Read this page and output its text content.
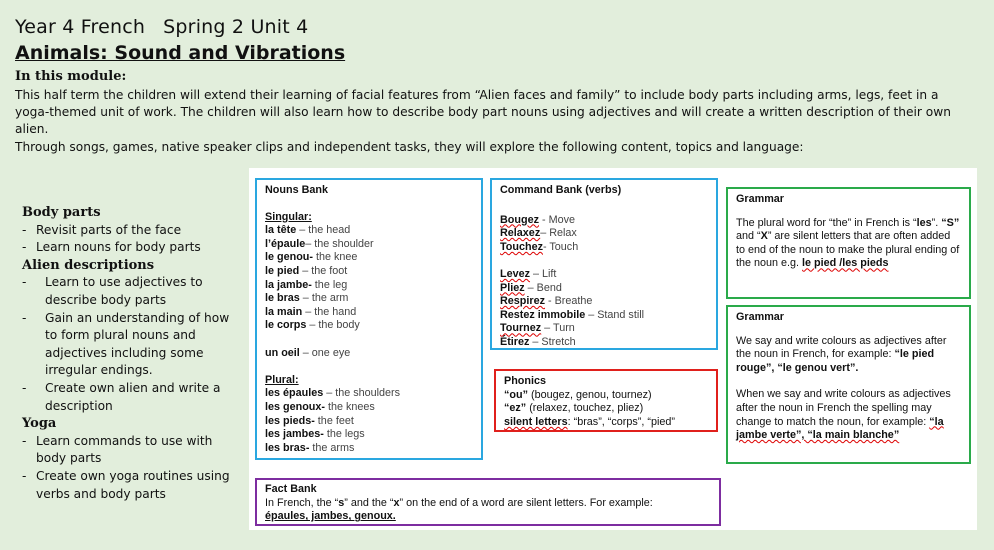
Year 4 French Spring 2 Unit 4
Animals: Sound and Vibrations
In this module:
This half term the children will extend their learning of facial features from “Alien faces and family” to include body parts including arms, legs, feet in a yoga-themed unit of work. The children will also learn how to describe body part nouns using adjectives and will create a written description of their own alien.
Through songs, games, native speaker clips and independent tasks, they will explore the following content, topics and language:
Body parts
- Revisit parts of the face
- Learn nouns for body parts
Alien descriptions
- Learn to use adjectives to describe body parts
- Gain an understanding of how to form plural nouns and adjectives including some irregular endings.
- Create own alien and write a description
Yoga
- Learn commands to use with body parts
- Create own yoga routines using verbs and body parts
Nouns Bank
Singular:
la tête – the head
l’épaule– the shoulder
le genou- the knee
le pied – the foot
la jambe- the leg
le bras – the arm
la main – the hand
le corps – the body
un oeil – one eye
Plural:
les épaules – the shoulders
les genoux- the knees
les pieds- the feet
les jambes- the legs
les bras- the arms
Command Bank (verbs)
Bougez - Move
Relaxez– Relax
Touchez- Touch
Levez – Lift
Pliez – Bend
Respirez - Breathe
Restez immobile – Stand still
Tournez – Turn
Étirez – Stretch
Phonics
“ou” (bougez, genou, tournez)
“ez” (relaxez, touchez, pliez)
silent letters: “bras”, “corps”, “pied”
Grammar
The plural word for “the” in French is “les”. “S” and “X” are silent letters that are often added to end of the noun to make the plural ending of the noun e.g. le pied /les pieds
Grammar
We say and write colours as adjectives after the noun in French, for example: “le pied rouge”, “le genou vert”.
When we say and write colours as adjectives after the noun in French the spelling may change to match the noun, for example: “la jambe verte”, “la main blanche”
Fact Bank
In French, the “s” and the “x” on the end of a word are silent letters. For example:
épaules, jambes, genoux.
